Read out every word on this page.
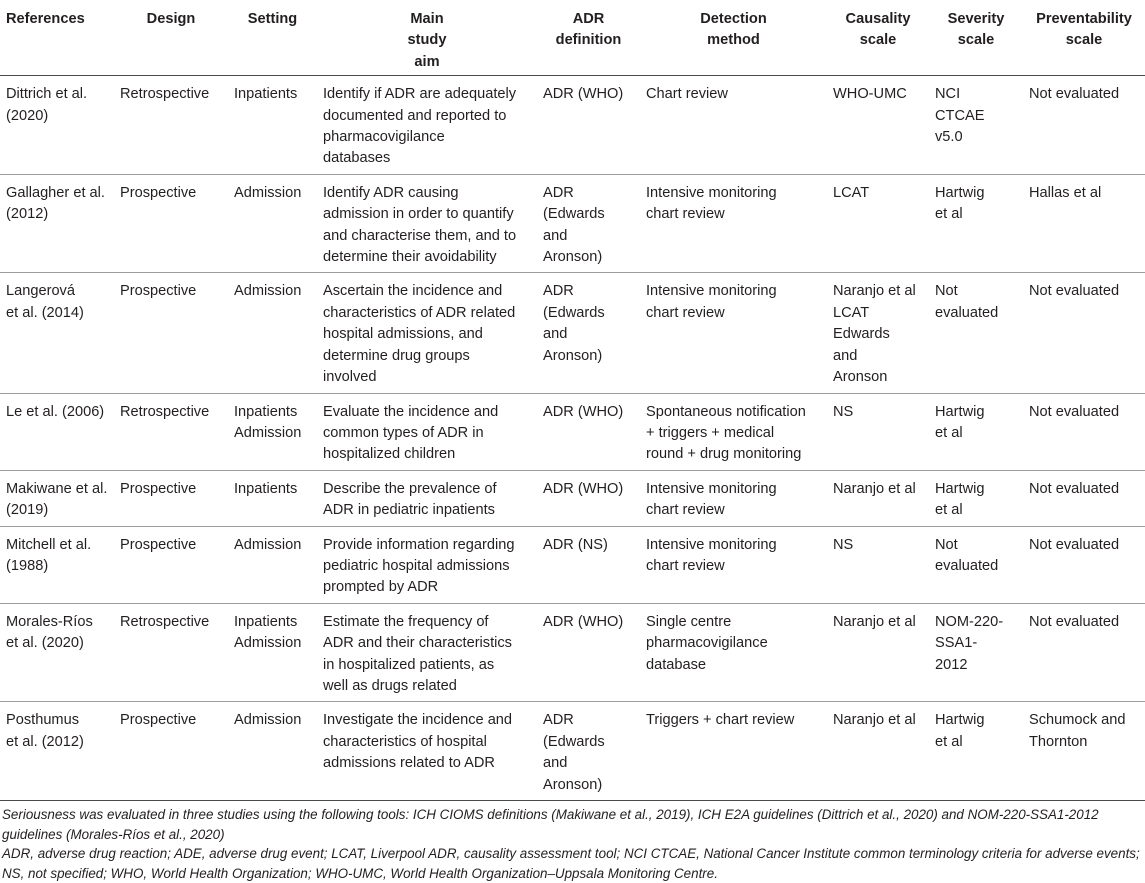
References	Design	Setting	Main
study
aim	ADR
definition	Detection
method	Causality
scale	Severity
scale	Preventability
scale

Dittrich et al.
(2020)	Retrospective	Inpatients	Identify if ADR are adequately
documented and reported to
pharmacovigilance
databases	ADR (WHO)	Chart review	WHO-UMC	NCI
CTCAE
v5.0	Not evaluated

Gallagher et al.
(2012)	Prospective	Admission	Identify ADR causing
admission in order to quantify
and characterise them, and to
determine their avoidability	ADR
(Edwards
and
Aronson)	Intensive monitoring
chart review	LCAT	Hartwig
et al	Hallas et al

Langerová
et al. (2014)	Prospective	Admission	Ascertain the incidence and
characteristics of ADR related
hospital admissions, and
determine drug groups
involved	ADR
(Edwards
and
Aronson)	Intensive monitoring
chart review	Naranjo et al
LCAT
Edwards
and
Aronson	Not
evaluated	Not evaluated

Le et al. (2006)	Retrospective	Inpatients
Admission	Evaluate the incidence and
common types of ADR in
hospitalized children	ADR (WHO)	Spontaneous notification
+ triggers + medical
round + drug monitoring	NS	Hartwig
et al	Not evaluated

Makiwane et al.
(2019)	Prospective	Inpatients	Describe the prevalence of
ADR in pediatric inpatients	ADR (WHO)	Intensive monitoring
chart review	Naranjo et al	Hartwig
et al	Not evaluated

Mitchell et al.
(1988)	Prospective	Admission	Provide information regarding
pediatric hospital admissions
prompted by ADR	ADR (NS)	Intensive monitoring
chart review	NS	Not
evaluated	Not evaluated

Morales-Ríos
et al. (2020)	Retrospective	Inpatients
Admission	Estimate the frequency of
ADR and their characteristics
in hospitalized patients, as
well as drugs related	ADR (WHO)	Single centre
pharmacovigilance
database	Naranjo et al	NOM-220-
SSA1-
2012	Not evaluated

Posthumus
et al. (2012)	Prospective	Admission	Investigate the incidence and
characteristics of hospital
admissions related to ADR	ADR
(Edwards
and
Aronson)	Triggers + chart review	Naranjo et al	Hartwig
et al	Schumock and
Thornton

Seriousness was evaluated in three studies using the following tools: ICH CIOMS definitions (Makiwane et al., 2019), ICH E2A guidelines (Dittrich et al., 2020) and NOM-220-SSA1-2012 guidelines (Morales-Ríos et al., 2020)

ADR, adverse drug reaction; ADE, adverse drug event; LCAT, Liverpool ADR, causality assessment tool; NCI CTCAE, National Cancer Institute common terminology criteria for adverse events; NS, not specified; WHO, World Health Organization; WHO-UMC, World Health Organization–Uppsala Monitoring Centre.
